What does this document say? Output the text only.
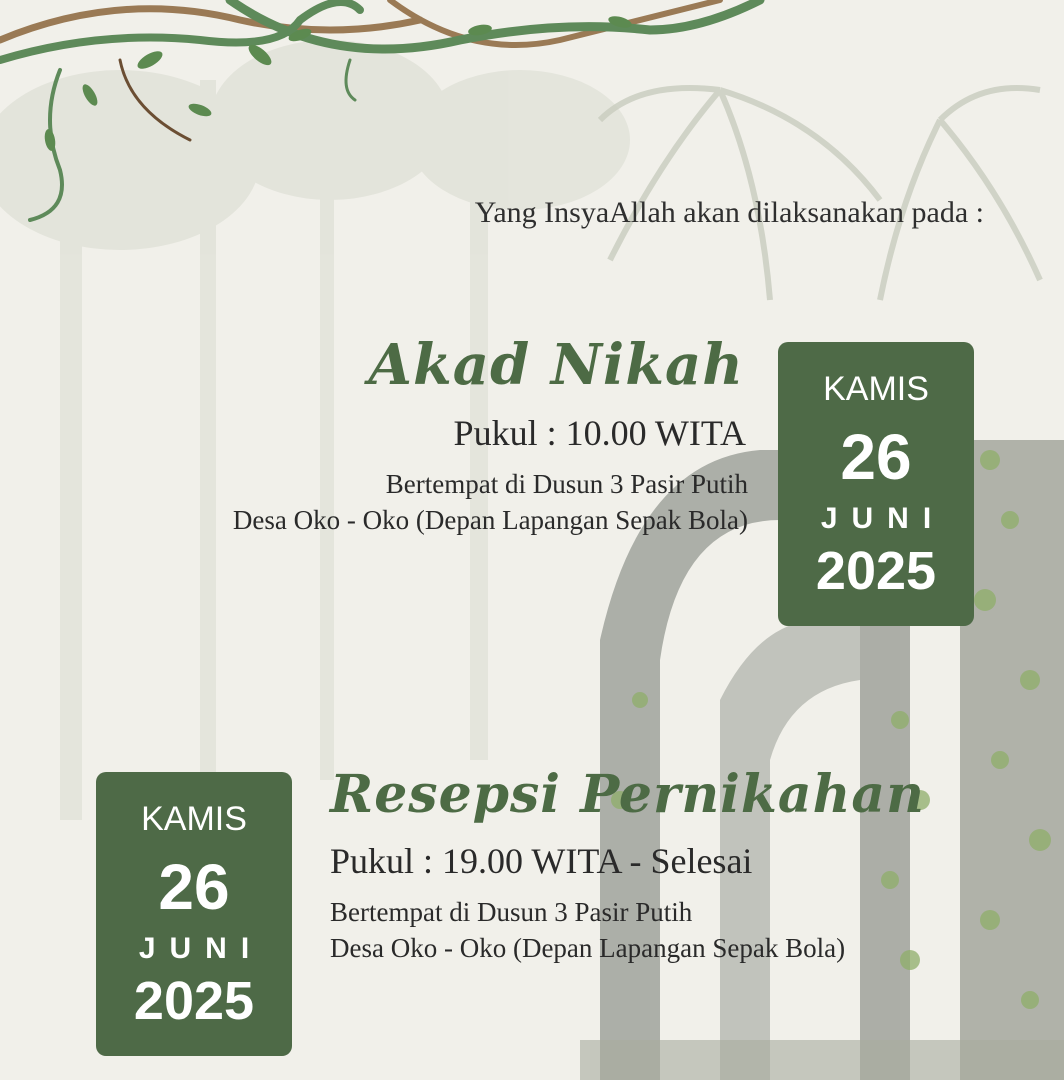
Yang InsyaAllah akan dilaksanakan pada :
Akad Nikah
Pukul : 10.00 WITA
Bertempat di Dusun 3 Pasir Putih
Desa Oko - Oko (Depan Lapangan Sepak Bola)
KAMIS
26
JUNI
2025
KAMIS
26
JUNI
2025
Resepsi Pernikahan
Pukul : 19.00 WITA - Selesai
Bertempat di Dusun 3 Pasir Putih
Desa Oko - Oko (Depan Lapangan Sepak Bola)
